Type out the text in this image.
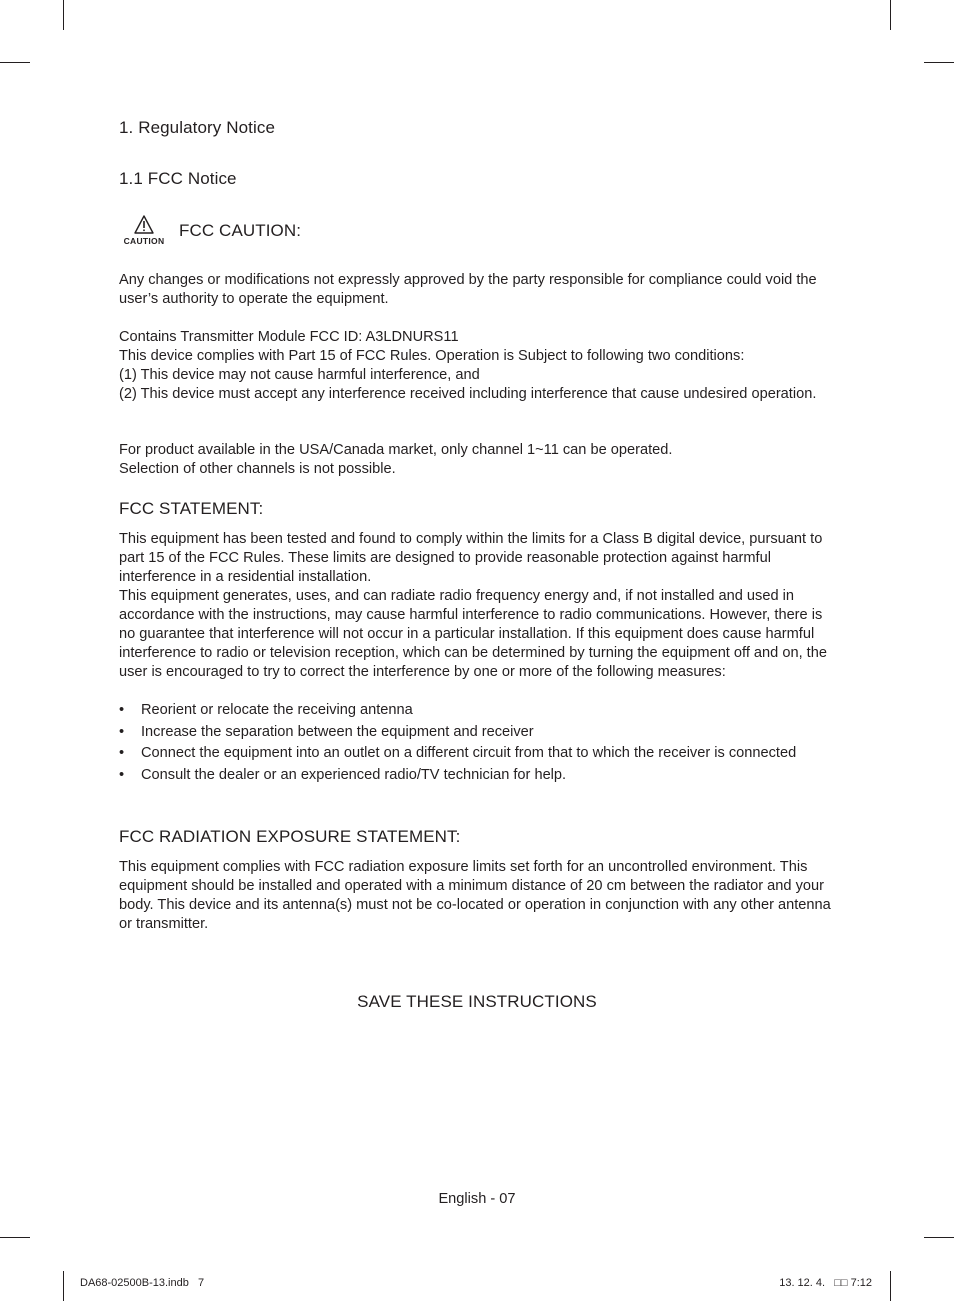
1. Regulatory Notice
1.1 FCC Notice
CAUTION
FCC CAUTION:

Any changes or modifications not expressly approved by the party responsible for compliance could void the user’s authority to operate the equipment.

Contains Transmitter Module FCC ID: A3LDNURS11

This device complies with Part 15 of FCC Rules. Operation is Subject to following two conditions:

(1) This device may not cause harmful interference, and

(2) This device must accept any interference received including interference that cause undesired operation.

For product available in the USA/Canada market, only channel 1~11 can be operated.

Selection of other channels is not possible.

FCC STATEMENT:

This equipment has been tested and found to comply within the limits for a Class B digital device, pursuant to part 15 of the FCC Rules. These limits are designed to provide reasonable protection against harmful interference in a residential installation.

This equipment generates, uses, and can radiate radio frequency energy and, if not installed and used in accordance with the instructions, may cause harmful interference to radio communications. However, there is no guarantee that interference will not occur in a particular installation. If this equipment does cause harmful interference to radio or television reception, which can be determined by turning the equipment off and on, the user is encouraged to try to correct the interference by one or more of the following measures:

• Reorient or relocate the receiving antenna
• Increase the separation between the equipment and receiver
• Connect the equipment into an outlet on a different circuit from that to which the receiver is connected
• Consult the dealer or an experienced radio/TV technician for help.
FCC RADIATION EXPOSURE STATEMENT:

This equipment complies with FCC radiation exposure limits set forth for an uncontrolled environment. This equipment should be installed and operated with a minimum distance of 20 cm between the radiator and your body. This device and its antenna(s) must not be co-located or operation in conjunction with any other antenna or transmitter.

SAVE THESE INSTRUCTIONS
English - 07
DA68-02500B-13.indb   7	13. 12. 4.   □□ 7:12
